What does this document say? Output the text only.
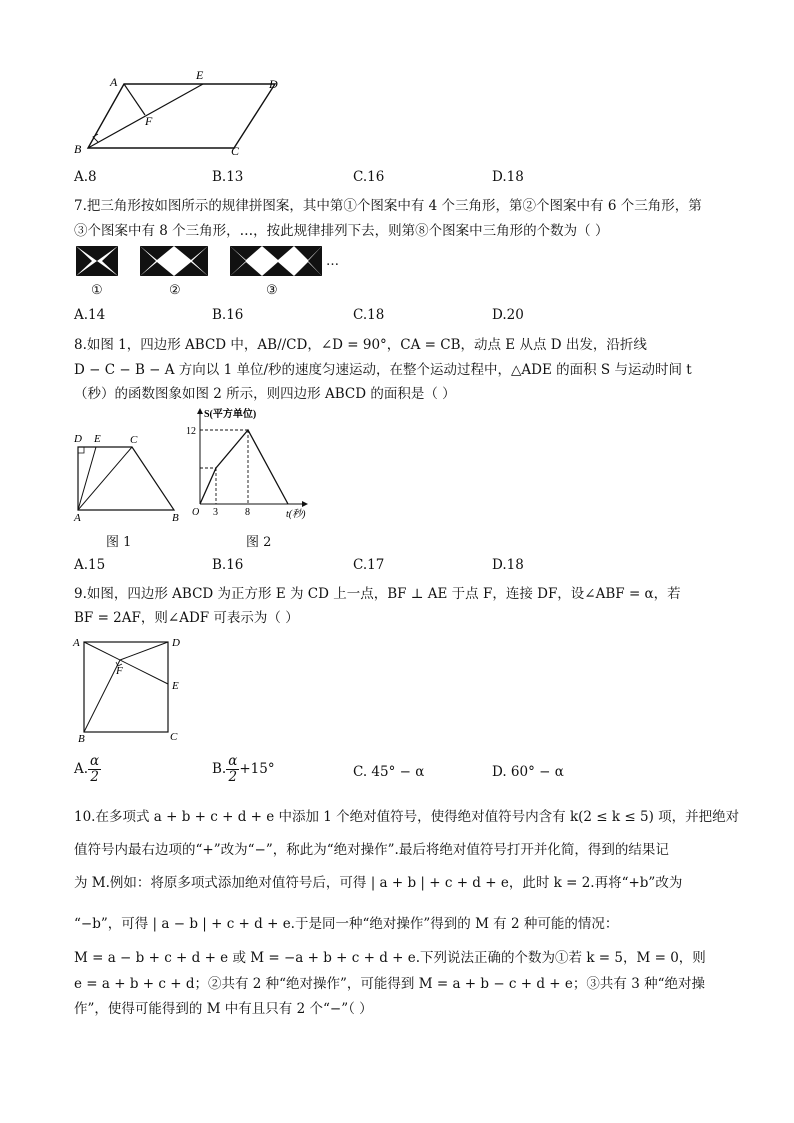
A	E
D
F
B	C
A.8	B.13	C.16	D.18
7.把三角形按如图所示的规律拼图案，其中第①个图案中有 4 个三角形，第②个图案中有 6 个三角形，第
③个图案中有 8 个三角形，…，按此规律排列下去，则第⑧个图案中三角形的个数为（ ）
…
①	②	③
A.14	B.16	C.18	D.20
8.如图 1，四边形 ABCD 中，AB//CD，∠D = 90°，CA = CB，动点 E 从点 D 出发，沿折线
D − C − B − A 方向以 1 单位/秒的速度匀速运动，在整个运动过程中，△ADE 的面积 S 与运动时间 t
（秒）的函数图象如图 2 所示，则四边形 ABCD 的面积是（ ）
D E	C
A	B
图 1
S(平方单位)
12
O 3	8	t(秒)
图 2
A.15	B.16	C.17	D.18
9.如图，四边形 ABCD 为正方形 E 为 CD 上一点，BF ⊥ AE 于点 F，连接 DF，设∠ABF = α，若
BF = 2AF，则∠ADF 可表示为（ ）
A	D
F
E
B	C
A. $\frac{\alpha}{2}$	B. $\frac{\alpha}{2} +15^\circ$	C. 45° − α	D. 60° − α
10.在多项式 a + b + c + d + e 中添加 1 个绝对值符号，使得绝对值符号内含有 k(2 ≤ k ≤ 5) 项，并把绝对
值符号内最右边项的“+”改为“−”，称此为“绝对操作”.最后将绝对值符号打开并化简，得到的结果记
为 M.例如：将原多项式添加绝对值符号后，可得 | a + b | + c + d + e，此时 k = 2.再将“+b”改为
“−b”，可得 | a − b | + c + d + e.于是同一种“绝对操作”得到的 M 有 2 种可能的情况：
M = a − b + c + d + e 或 M = −a + b + c + d + e.下列说法正确的个数为①若 k = 5，M = 0，则
e = a + b + c + d；②共有 2 种“绝对操作”，可能得到 M = a + b − c + d + e；③共有 3 种“绝对操
作”，使得可能得到的 M 中有且只有 2 个“−”（ ）
